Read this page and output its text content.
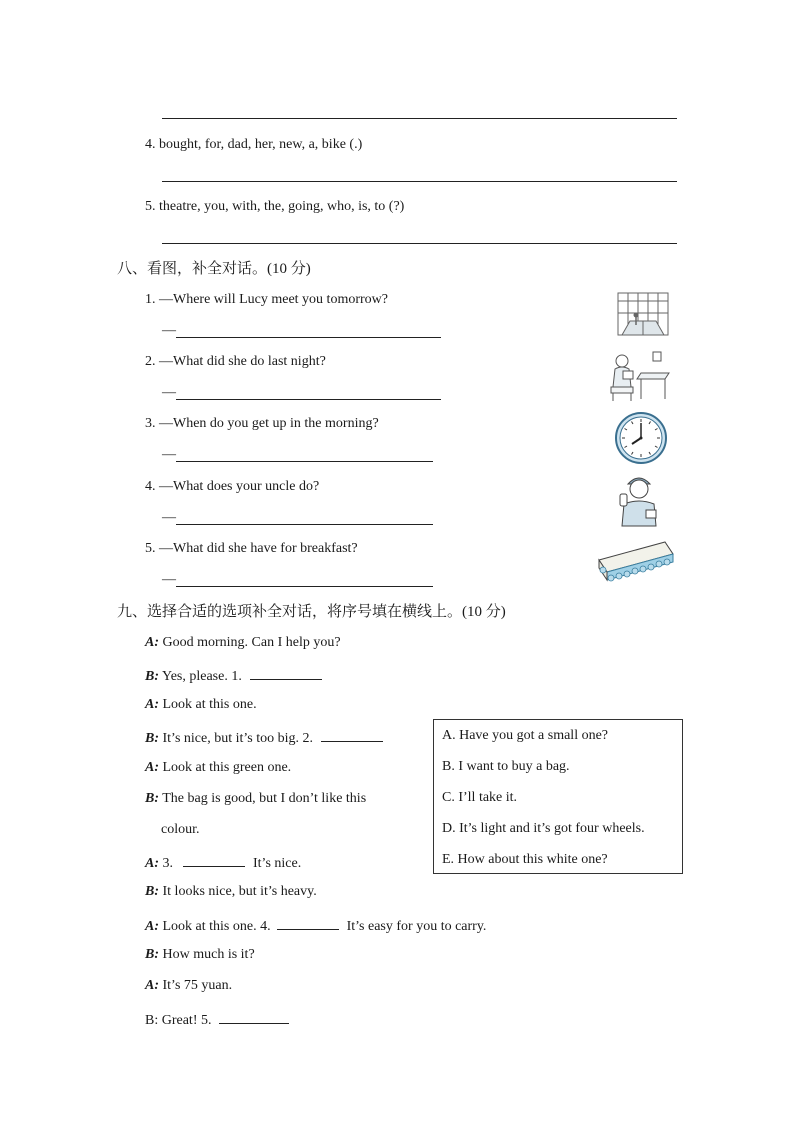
4. bought, for, dad, her, new, a, bike (.)
5. theatre, you, with, the, going, who, is, to (?)
八、看图，补全对话。(10 分)
1. —Where will Lucy meet you tomorrow?
—
2. —What did she do last night?
—
3. —When do you get up in the morning?
—
4. —What does your uncle do?
—
5. —What did she have for breakfast?
—
九、选择合适的选项补全对话，将序号填在横线上。(10 分)
A: Good morning. Can I help you?
B: Yes, please. 1.
A: Look at this one.
B: It’s nice, but it’s too big. 2.
A: Look at this green one.
B: The bag is good, but I don’t like this
colour.
A: 3.	It’s nice.
B: It looks nice, but it’s heavy.
A: Look at this one. 4.	It’s easy for you to carry.
B: How much is it?
A: It’s 75 yuan.
B: Great! 5.
A. Have you got a small one?
B. I want to buy a bag.
C. I’ll take it.
D. It’s light and it’s got four wheels.
E. How about this white one?
